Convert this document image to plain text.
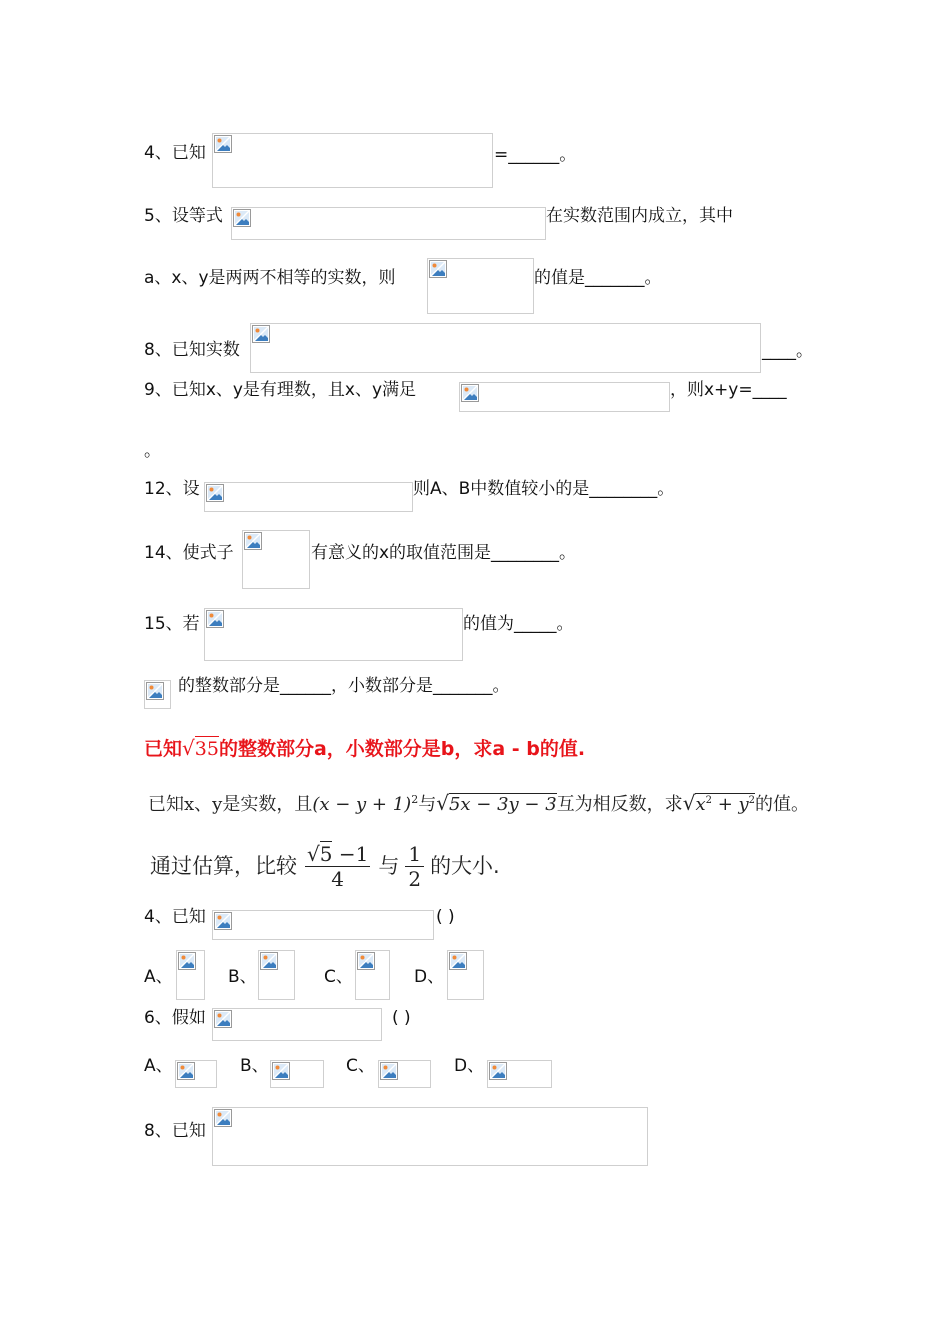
4、已知	=______。
5、设等式	在实数范围内成立，其中
a、x、y是两两不相等的实数，则	的值是_______。
8、已知实数	____。
9、已知x、y是有理数，且x、y满足	，则x+y=____
。
12、设	则A、B中数值较小的是________。
14、使式子	有意义的x的取值范围是________。
15、若	的值为_____。
的整数部分是______，小数部分是_______。
已知√35的整数部分a，小数部分是b，求a - b的值.
已知x、y是实数，且$(x - y + 1)^2$与√5x − 3y − 3互为相反数，求$√x^2 + y^2$的值。
通过估算，比较 $\frac{√5 -1}{4}$ 与 $\frac{1}{2}$ 的大小.
4、已知	( )
A、	B、	C、	D、
6、假如	( )
A、	B、	C、	D、
8、已知
